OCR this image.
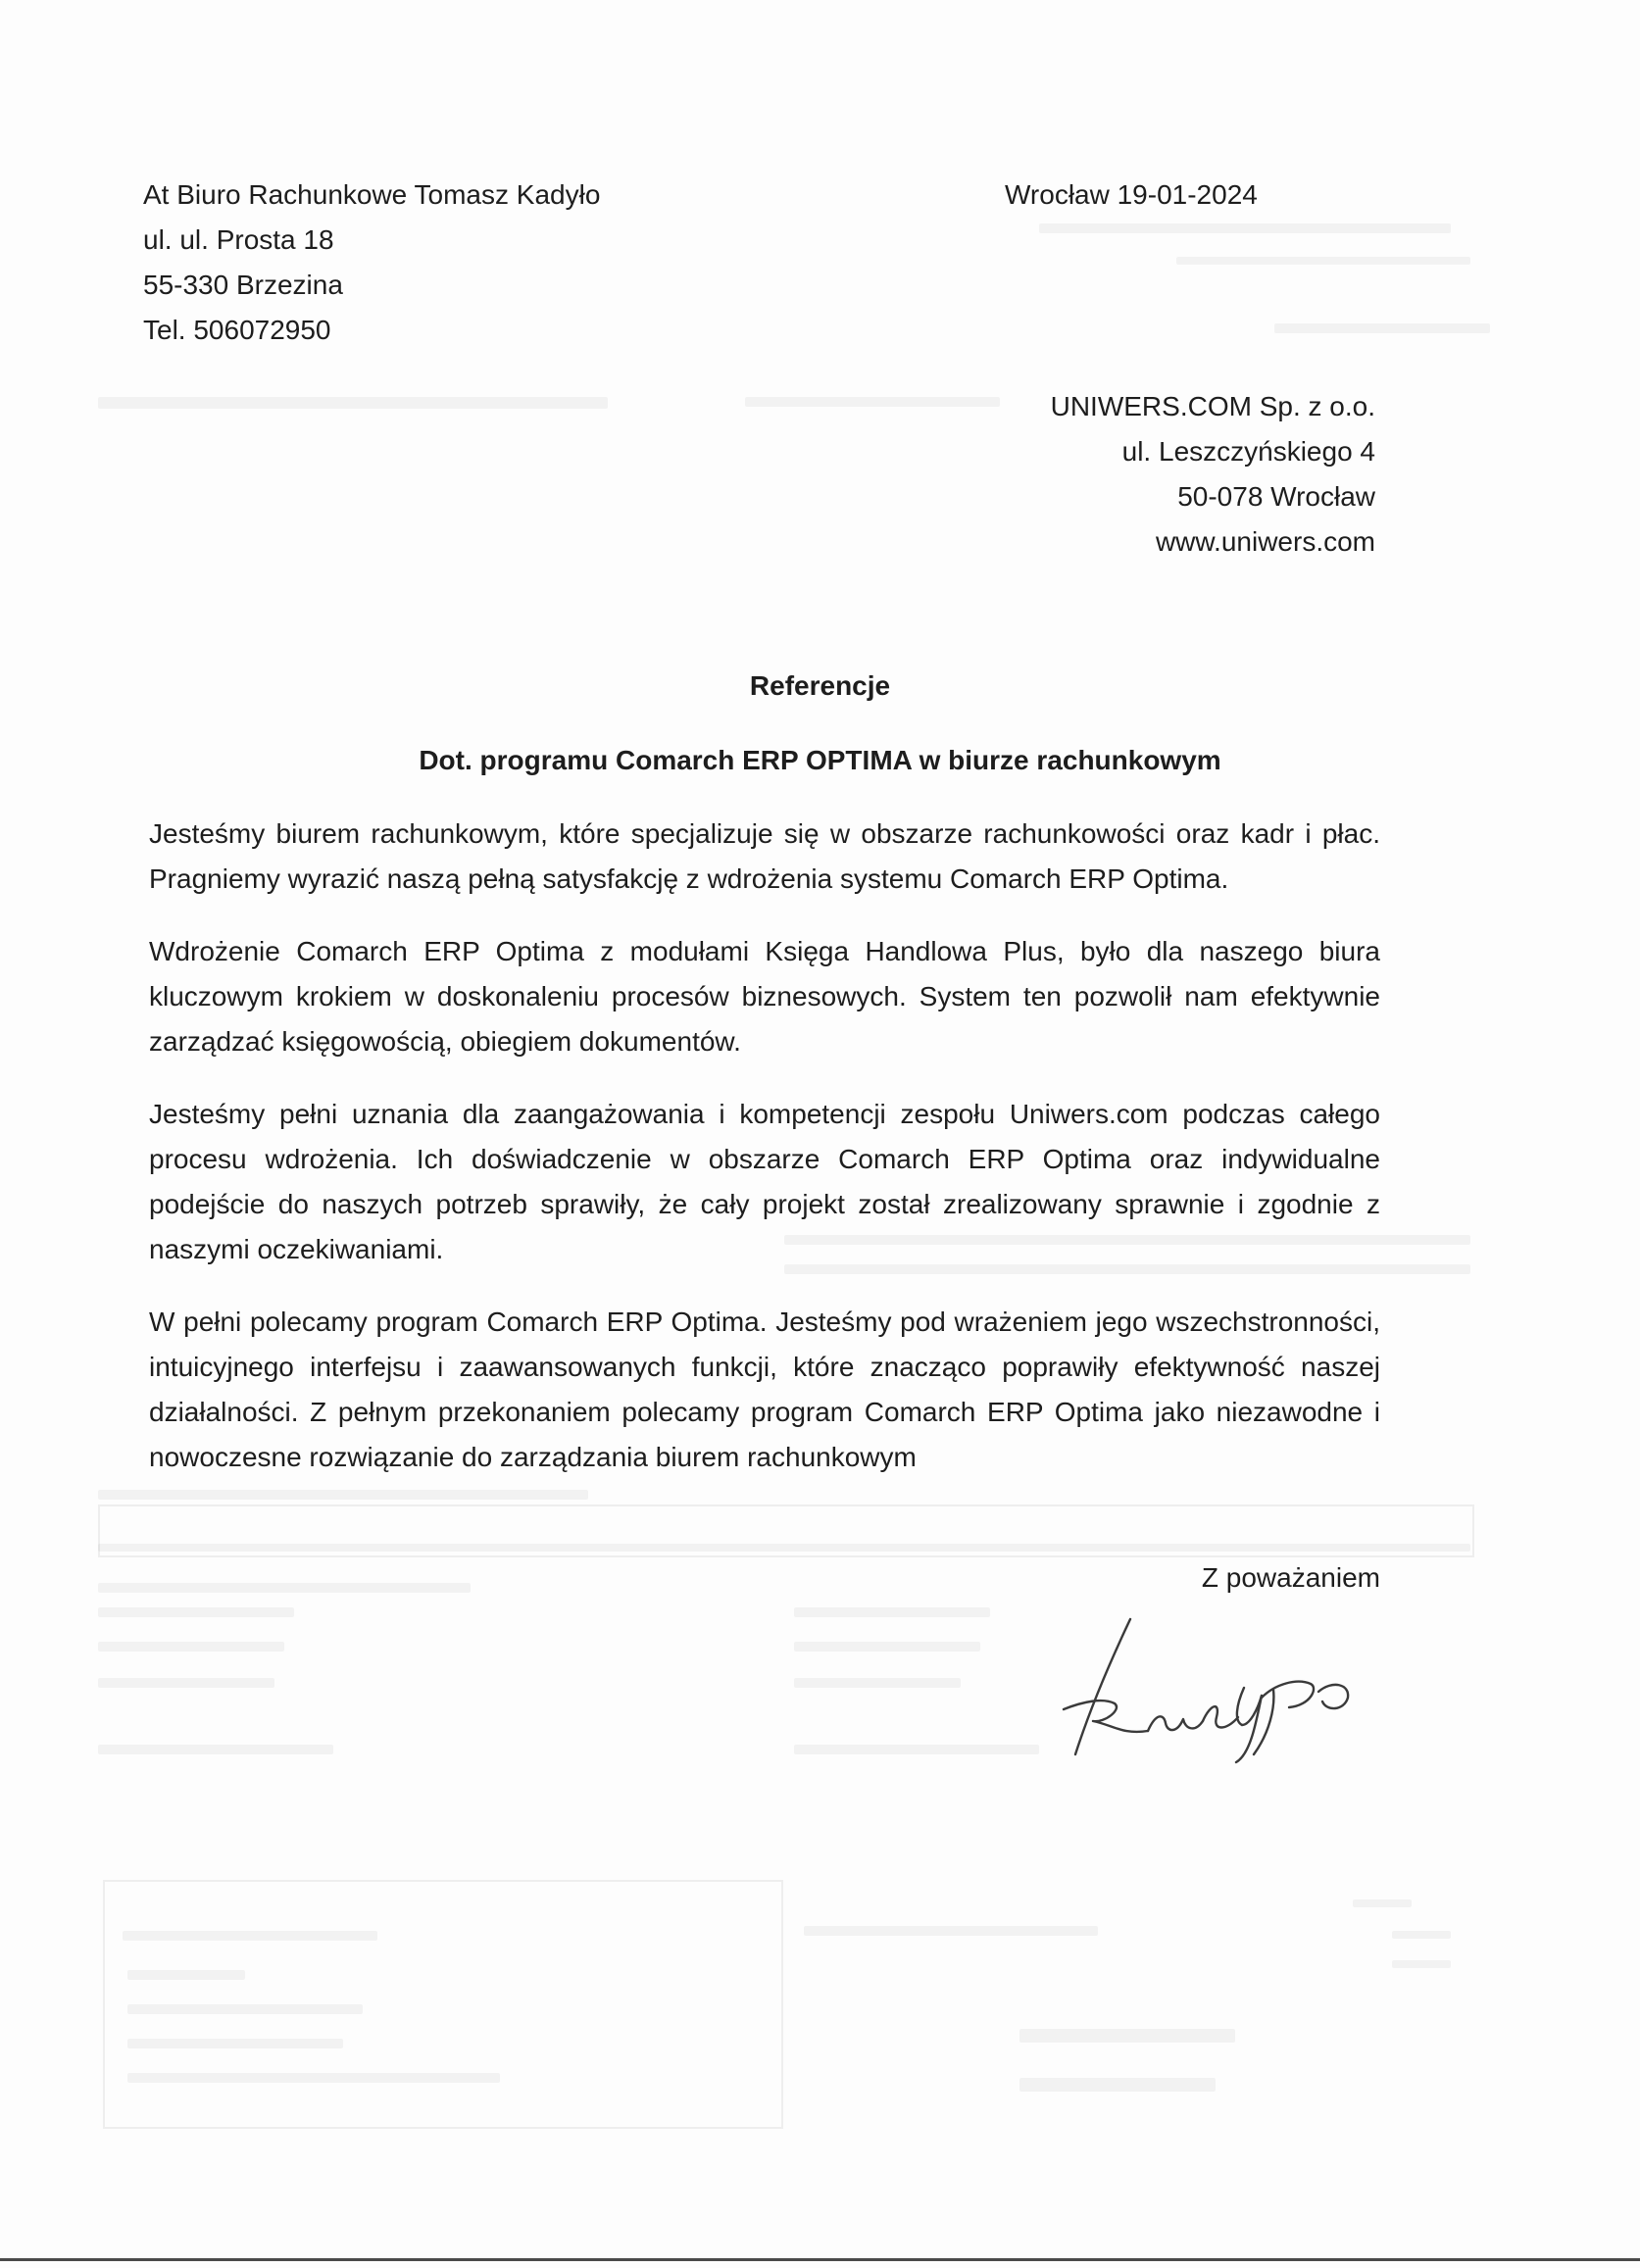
At Biuro Rachunkowe Tomasz Kadyło
ul. ul. Prosta 18
55-330 Brzezina
Tel. 506072950
Wrocław 19-01-2024
UNIWERS.COM Sp. z o.o.
ul. Leszczyńskiego 4
50-078 Wrocław
www.uniwers.com
Referencje
Dot. programu Comarch ERP OPTIMA w biurze rachunkowym

Jesteśmy biurem rachunkowym, które specjalizuje się w obszarze rachunkowości oraz kadr i płac. Pragniemy wyrazić naszą pełną satysfakcję z wdrożenia systemu Comarch ERP Optima.

Wdrożenie Comarch ERP Optima z modułami Księga Handlowa Plus, było dla naszego biura kluczowym krokiem w doskonaleniu procesów biznesowych. System ten pozwolił nam efektywnie zarządzać księgowością, obiegiem dokumentów.

Jesteśmy pełni uznania dla zaangażowania i kompetencji zespołu Uniwers.com podczas całego procesu wdrożenia. Ich doświadczenie w obszarze Comarch ERP Optima oraz indywidualne podejście do naszych potrzeb sprawiły, że cały projekt został zrealizowany sprawnie i zgodnie z naszymi oczekiwaniami.

W pełni polecamy program Comarch ERP Optima. Jesteśmy pod wrażeniem jego wszechstronności, intuicyjnego interfejsu i zaawansowanych funkcji, które znacząco poprawiły efektywność naszej działalności. Z pełnym przekonaniem polecamy program Comarch ERP Optima jako niezawodne i nowoczesne rozwiązanie do zarządzania biurem rachunkowym

Z poważaniem
